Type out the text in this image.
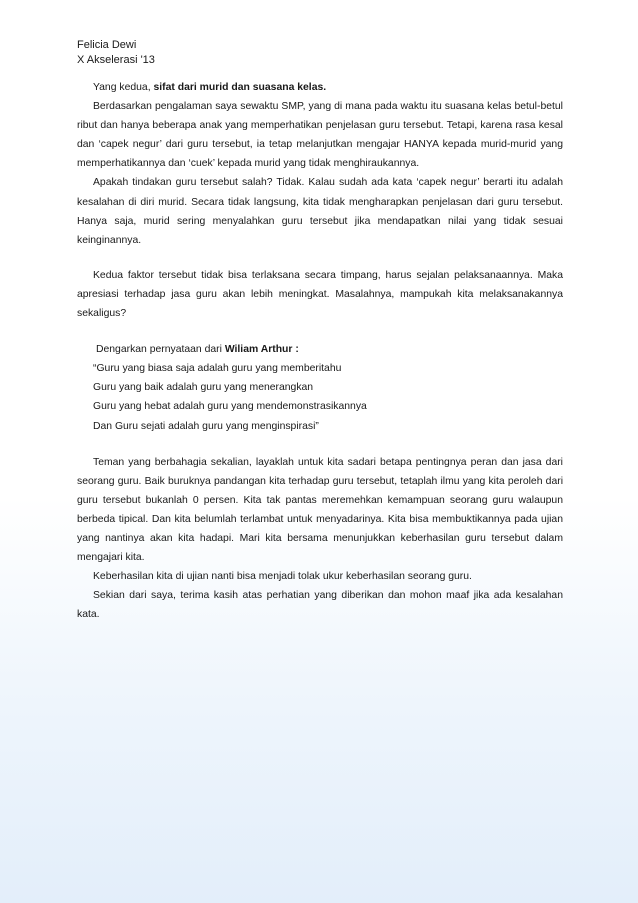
Felicia Dewi
X Akselerasi '13

Yang kedua, sifat dari murid dan suasana kelas.

Berdasarkan pengalaman saya sewaktu SMP, yang di mana pada waktu itu suasana kelas betul-betul ribut dan hanya beberapa anak yang memperhatikan penjelasan guru tersebut. Tetapi, karena rasa kesal dan ‘capek negur’ dari guru tersebut, ia tetap melanjutkan mengajar HANYA kepada murid-murid yang memperhatikannya dan ‘cuek’ kepada murid yang tidak menghiraukannya.

Apakah tindakan guru tersebut salah? Tidak. Kalau sudah ada kata ‘capek negur’ berarti itu adalah kesalahan di diri murid. Secara tidak langsung, kita tidak mengharapkan penjelasan dari guru tersebut. Hanya saja, murid sering menyalahkan guru tersebut jika mendapatkan nilai yang tidak sesuai keinginannya.

Kedua faktor tersebut tidak bisa terlaksana secara timpang, harus sejalan pelaksanaannya. Maka apresiasi terhadap jasa guru akan lebih meningkat. Masalahnya, mampukah kita melaksanakannya sekaligus?

Dengarkan pernyataan dari Wiliam Arthur :

“Guru yang biasa saja adalah guru yang memberitahu

Guru yang baik adalah guru yang menerangkan

Guru yang hebat adalah guru yang mendemonstrasikannya

Dan Guru sejati adalah guru yang menginspirasi”

Teman yang berbahagia sekalian, layaklah untuk kita sadari betapa pentingnya peran dan jasa dari seorang guru. Baik buruknya pandangan kita terhadap guru tersebut, tetaplah ilmu yang kita peroleh dari guru tersebut bukanlah 0 persen. Kita tak pantas meremehkan kemampuan seorang guru walaupun berbeda tipical. Dan kita belumlah terlambat untuk menyadarinya. Kita bisa membuktikannya pada ujian yang nantinya akan kita hadapi. Mari kita bersama menunjukkan keberhasilan guru tersebut dalam mengajari kita.

Keberhasilan kita di ujian nanti bisa menjadi tolak ukur keberhasilan seorang guru.

Sekian dari saya, terima kasih atas perhatian yang diberikan dan mohon maaf jika ada kesalahan kata.
